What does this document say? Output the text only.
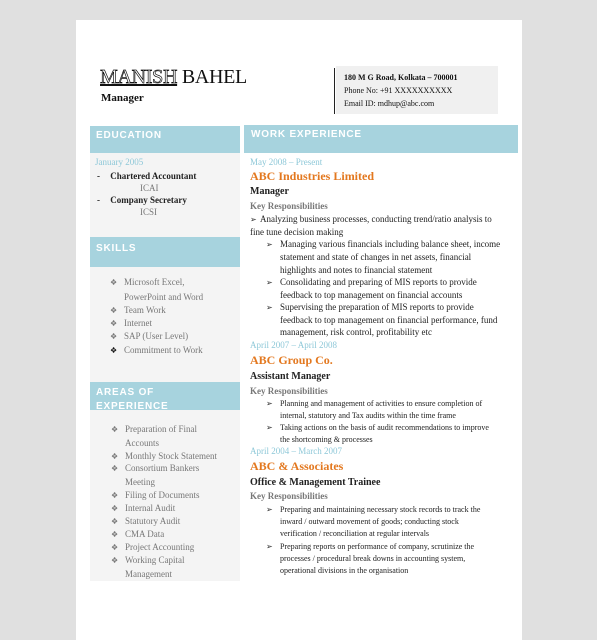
MANISH BAHEL
Manager
180 M G Road, Kolkata – 700001
Phone No: +91 XXXXXXXXXX
Email ID: mdhup@abc.com
EDUCATION
January 2005
- Chartered Accountant
ICAI
- Company Secretary
ICSI
SKILLS
❖ Microsoft Excel,
PowerPoint and Word
❖ Team Work
❖ Internet
❖ SAP (User Level)
❖ Commitment to Work
AREAS OF
EXPERIENCE
❖ Preparation of Final
Accounts
❖ Monthly Stock Statement
❖ Consortium Bankers
Meeting
❖ Filing of Documents
❖ Internal Audit
❖ Statutory Audit
❖ CMA Data
❖ Project Accounting
❖ Working Capital
Management
WORK EXPERIENCE
May 2008 – Present
ABC Industries Limited
Manager
Key Responsibilities
➢ Analyzing business processes, conducting trend/ratio analysis to
fine tune decision making
➢ Managing various financials including balance sheet, income
statement and state of changes in net assets, financial
highlights and notes to financial statement
➢ Consolidating and preparing of MIS reports to provide
feedback to top management on financial accounts
➢ Supervising the preparation of MIS reports to provide
feedback to top management on financial performance, fund
management, risk control, profitability etc
April 2007 – April 2008
ABC Group Co.
Assistant Manager
Key Responsibilities
➢ Planning and management of activities to ensure completion of
internal, statutory and Tax audits within the time frame
➢ Taking actions on the basis of audit recommendations to improve
the shortcoming & processes
April 2004 – March 2007
ABC & Associates
Office & Management Trainee
Key Responsibilities
➢ Preparing and maintaining necessary stock records to track the
inward / outward movement of goods; conducting stock
verification / reconciliation at regular intervals
➢ Preparing reports on performance of company, scrutinize the
processes / procedural break downs in accounting system,
operational divisions in the organisation
